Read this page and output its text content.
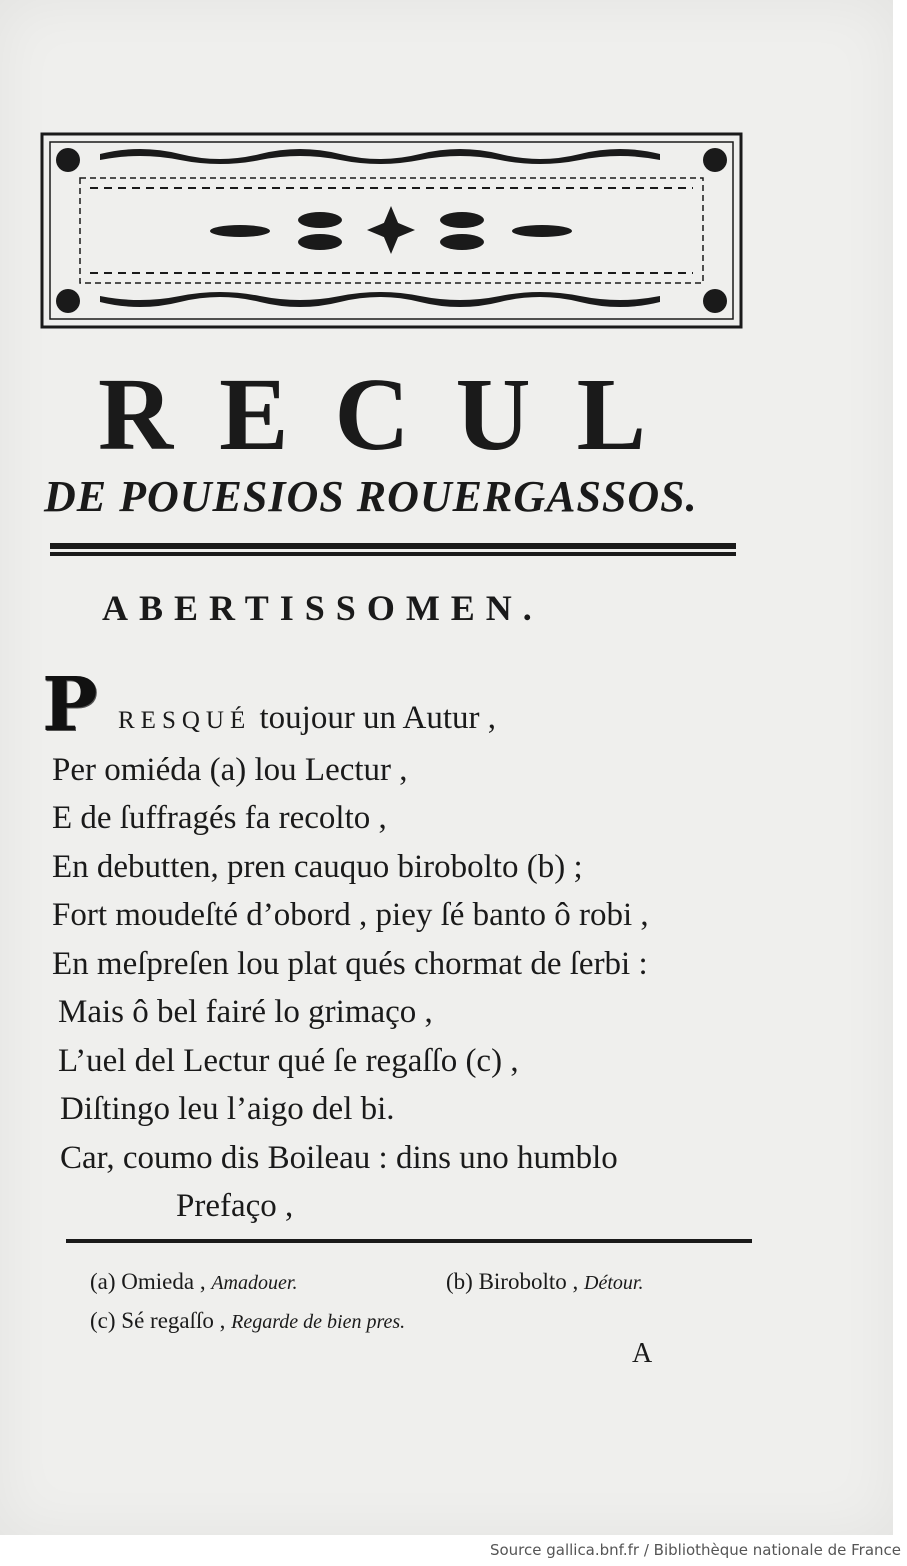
RECUL
DE POUESIOS ROUERGASSOS.
ABERTISSOMEN.
P RESQUÉ toujour un Autur ,
Per omiéda (a) lou Lectur ,
E de ſuffragés fa recolto ,
En debutten, pren cauquo birobolto (b) ;
Fort moudeſté d’obord , piey ſé banto ô robi ,
En meſpreſen lou plat qués chormat de ſerbi :
Mais ô bel fairé lo grimaço ,
L’uel del Lectur qué ſe regaſſo (c) ,
Diſtingo leu l’aigo del bi.
Car, coumo dis Boileau : dins uno humblo
Prefaço ,
(a) Omieda , Amadouer.	(b) Birobolto , Détour.
(c) Sé regaſſo , Regarde de bien pres.
A
Source gallica.bnf.fr / Bibliothèque nationale de France
